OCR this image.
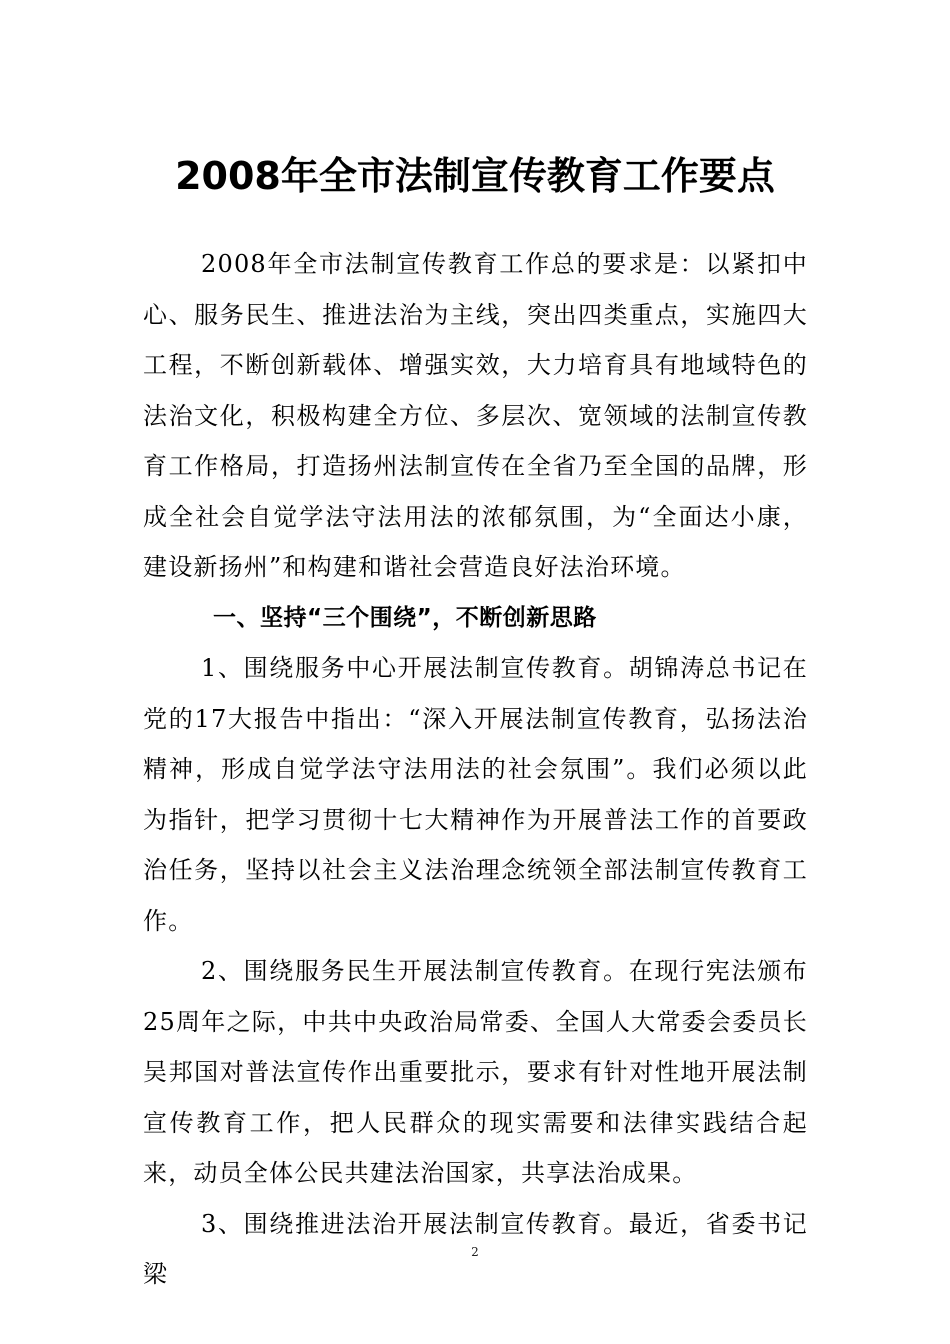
2008年全市法制宣传教育工作要点

2008年全市法制宣传教育工作总的要求是：以紧扣中心、服务民生、推进法治为主线，突出四类重点，实施四大工程，不断创新载体、增强实效，大力培育具有地域特色的法治文化，积极构建全方位、多层次、宽领域的法制宣传教育工作格局，打造扬州法制宣传在全省乃至全国的品牌，形成全社会自觉学法守法用法的浓郁氛围，为“全面达小康，建设新扬州”和构建和谐社会营造良好法治环境。

一、坚持“三个围绕”，不断创新思路

1、围绕服务中心开展法制宣传教育。胡锦涛总书记在党的17大报告中指出：“深入开展法制宣传教育，弘扬法治精神，形成自觉学法守法用法的社会氛围”。我们必须以此为指针，把学习贯彻十七大精神作为开展普法工作的首要政治任务，坚持以社会主义法治理念统领全部法制宣传教育工作。

2、围绕服务民生开展法制宣传教育。在现行宪法颁布25周年之际，中共中央政治局常委、全国人大常委会委员长吴邦国对普法宣传作出重要批示，要求有针对性地开展法制宣传教育工作，把人民群众的现实需要和法律实践结合起来，动员全体公民共建法治国家，共享法治成果。

3、围绕推进法治开展法制宣传教育。最近，省委书记梁

2
